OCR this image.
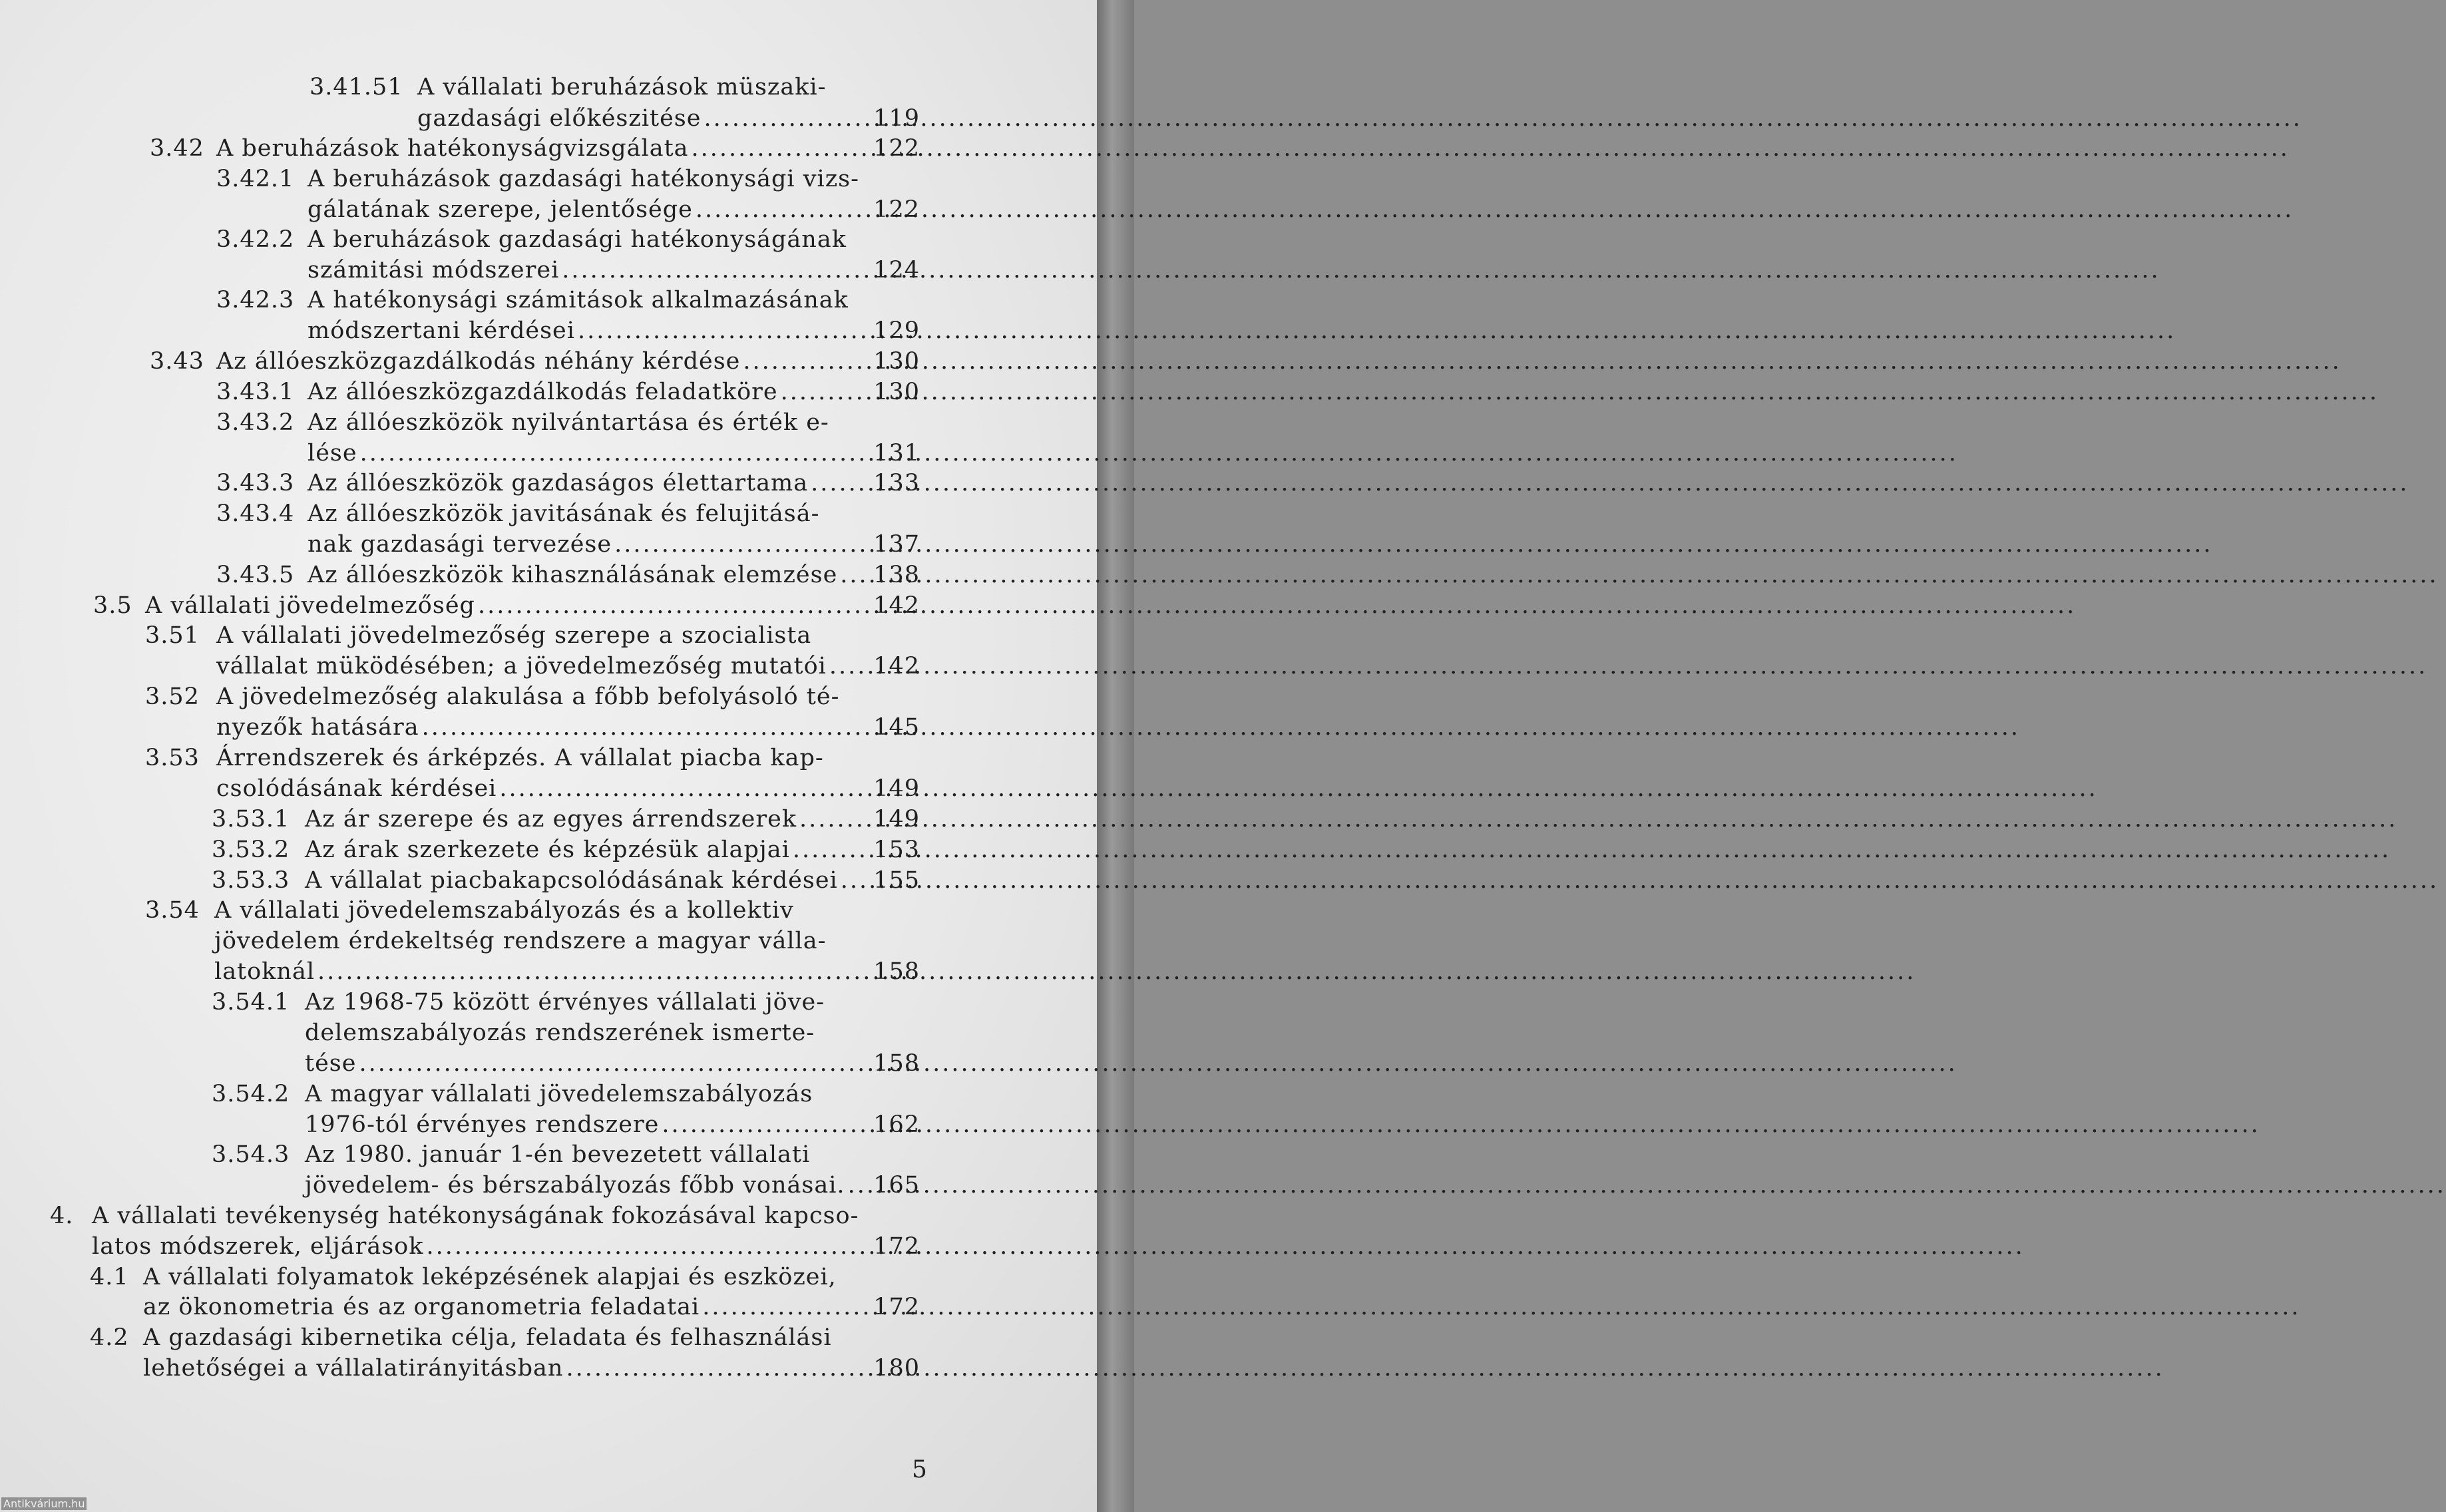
3.41.51 A vállalati beruházások müszaki-
gazdasági előkészitése .....	119
3.42 A beruházások hatékonyságvizsgálata .....	122
3.42.1 A beruházások gazdasági hatékonysági vizs-
gálatának szerepe, jelentősége .....	122
3.42.2 A beruházások gazdasági hatékonyságának
számitási módszerei .....	124
3.42.3 A hatékonysági számitások alkalmazásának
módszertani kérdései .....	129
3.43 Az állóeszközgazdálkodás néhány kérdése .....	130
3.43.1 Az állóeszközgazdálkodás feladatköre .....	130
3.43.2 Az állóeszközök nyilvántartása és érték e-
lése .....	131
3.43.3 Az állóeszközök gazdaságos élettartama .....	133
3.43.4 Az állóeszközök javitásának és felujitásá-
nak gazdasági tervezése .....	137
3.43.5 Az állóeszközök kihasználásának elemzése ..... 138
3.5 A vállalati jövedelmezőség .....	142
3.51 A vállalati jövedelmezőség szerepe a szocialista
vállalat müködésében; a jövedelmezőség mutatói ..... 142
3.52 A jövedelmezőség alakulása a főbb befolyásoló té-
nyezők hatására .....	145
3.53 Árrendszerek és árképzés. A vállalat piacba kap-
csolódásának kérdései .....	149
3.53.1 Az ár szerepe és az egyes árrendszerek .....	149
3.53.2 Az árak szerkezete és képzésük alapjai .....	153
3.53.3 A vállalat piacbakapcsolódásának kérdései ..... 155
3.54 A vállalati jövedelemszabályozás és a kollektiv
jövedelem érdekeltség rendszere a magyar válla-
latoknál .....	158
3.54.1 Az 1968-75 között érvényes vállalati jöve-
delemszabályozás rendszerének ismerte-
tése .....	158
3.54.2 A magyar vállalati jövedelemszabályozás
1976-tól érvényes rendszere .....	162
3.54.3 Az 1980. január 1-én bevezetett vállalati
jövedelem- és bérszabályozás főbb vonásai. ..... 165
4. A vállalati tevékenység hatékonyságának fokozásával kapcso-
latos módszerek, eljárások .....	172
4.1 A vállalati folyamatok leképzésének alapjai és eszközei,
az ökonometria és az organometria feladatai .....	172
4.2 A gazdasági kibernetika célja, feladata és felhasználási
lehetőségei a vállalatirányitásban .....	180
5
Antikvárium.hu
